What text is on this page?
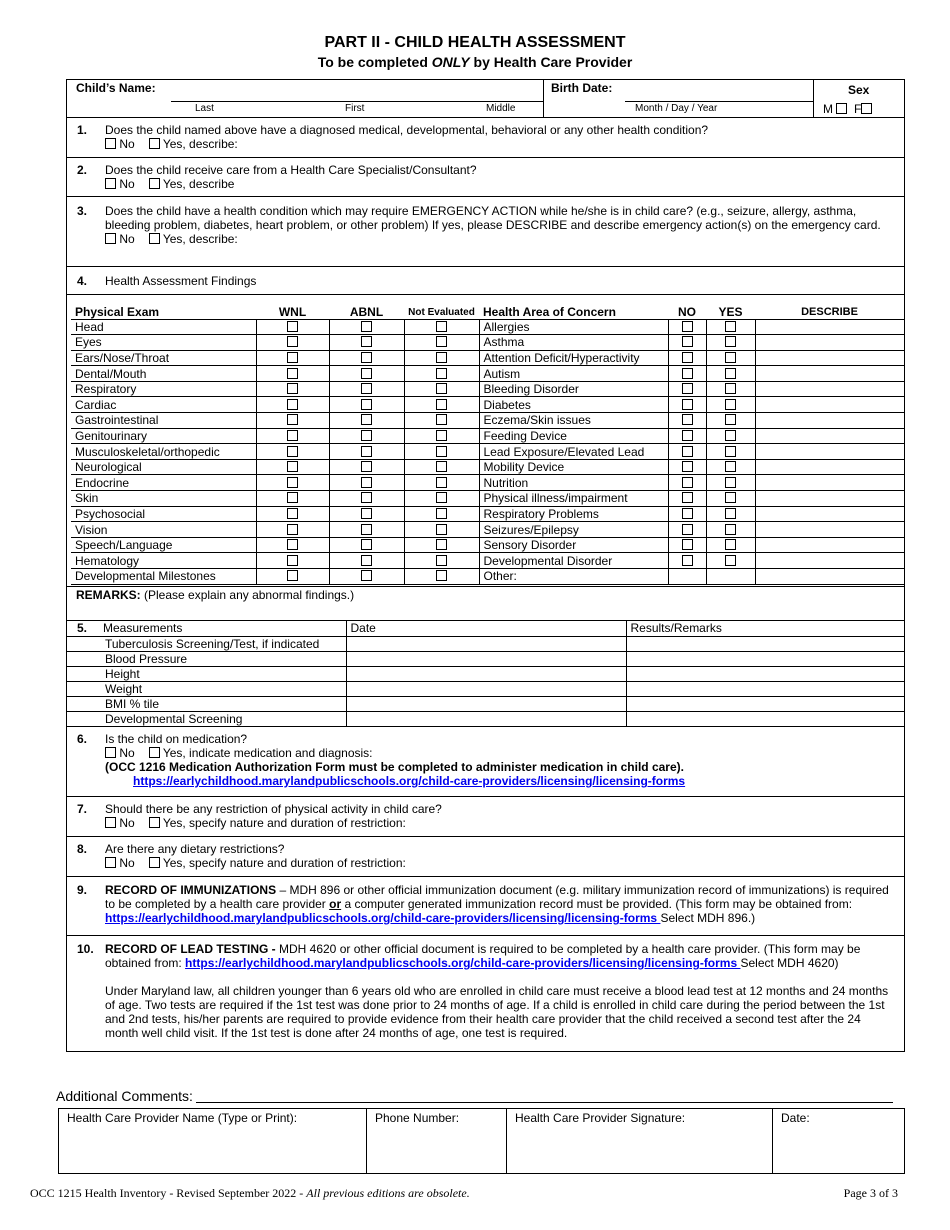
PART II - CHILD HEALTH ASSESSMENT
To be completed ONLY by Health Care Provider
Child’s Name:
Last	First	Middle
Birth Date:
Month / Day / Year
Sex
M F
1. Does the child named above have a diagnosed medical, developmental, behavioral or any other health condition?
No Yes, describe:
2. Does the child receive care from a Health Care Specialist/Consultant?
No Yes, describe
3. Does the child have a health condition which may require EMERGENCY ACTION while he/she is in child care? (e.g., seizure, allergy, asthma, bleeding problem, diabetes, heart problem, or other problem) If yes, please DESCRIBE and describe emergency action(s) on the emergency card.
No Yes, describe:
4. Health Assessment Findings
Physical Exam	WNL	ABNL	Not Evaluated	Health Area of Concern	NO	YES	DESCRIBE
Head				Allergies			
Eyes				Asthma			
Ears/Nose/Throat				Attention Deficit/Hyperactivity			
Dental/Mouth				Autism			
Respiratory				Bleeding Disorder			
Cardiac				Diabetes			
Gastrointestinal				Eczema/Skin issues			
Genitourinary				Feeding Device			
Musculoskeletal/orthopedic				Lead Exposure/Elevated Lead			
Neurological				Mobility Device			
Endocrine				Nutrition			
Skin				Physical illness/impairment			
Psychosocial				Respiratory Problems			
Vision				Seizures/Epilepsy			
Speech/Language				Sensory Disorder			
Hematology				Developmental Disorder			
Developmental Milestones				Other:			
REMARKS: (Please explain any abnormal findings.)
5. Measurements	Date	Results/Remarks
Tuberculosis Screening/Test, if indicated		
Blood Pressure		
Height		
Weight		
BMI % tile		
Developmental Screening		
6. Is the child on medication?
No Yes, indicate medication and diagnosis:
(OCC 1216 Medication Authorization Form must be completed to administer medication in child care).
https://earlychildhood.marylandpublicschools.org/child-care-providers/licensing/licensing-forms
7. Should there be any restriction of physical activity in child care?
No Yes, specify nature and duration of restriction:
8. Are there any dietary restrictions?
No Yes, specify nature and duration of restriction:
9. RECORD OF IMMUNIZATIONS – MDH 896 or other official immunization document (e.g. military immunization record of immunizations) is required to be completed by a health care provider or a computer generated immunization record must be provided. (This form may be obtained from: https://earlychildhood.marylandpublicschools.org/child-care-providers/licensing/licensing-forms Select MDH 896.)
10. RECORD OF LEAD TESTING - MDH 4620 or other official document is required to be completed by a health care provider. (This form may be obtained from: https://earlychildhood.marylandpublicschools.org/child-care-providers/licensing/licensing-forms Select MDH 4620)
Under Maryland law, all children younger than 6 years old who are enrolled in child care must receive a blood lead test at 12 months and 24 months of age. Two tests are required if the 1st test was done prior to 24 months of age. If a child is enrolled in child care during the period between the 1st and 2nd tests, his/her parents are required to provide evidence from their health care provider that the child received a second test after the 24 month well child visit. If the 1st test is done after 24 months of age, one test is required.
Additional Comments:
Health Care Provider Name (Type or Print):	Phone Number:	Health Care Provider Signature:	Date:
OCC 1215 Health Inventory - Revised September 2022 - All previous editions are obsolete.	Page 3 of 3
